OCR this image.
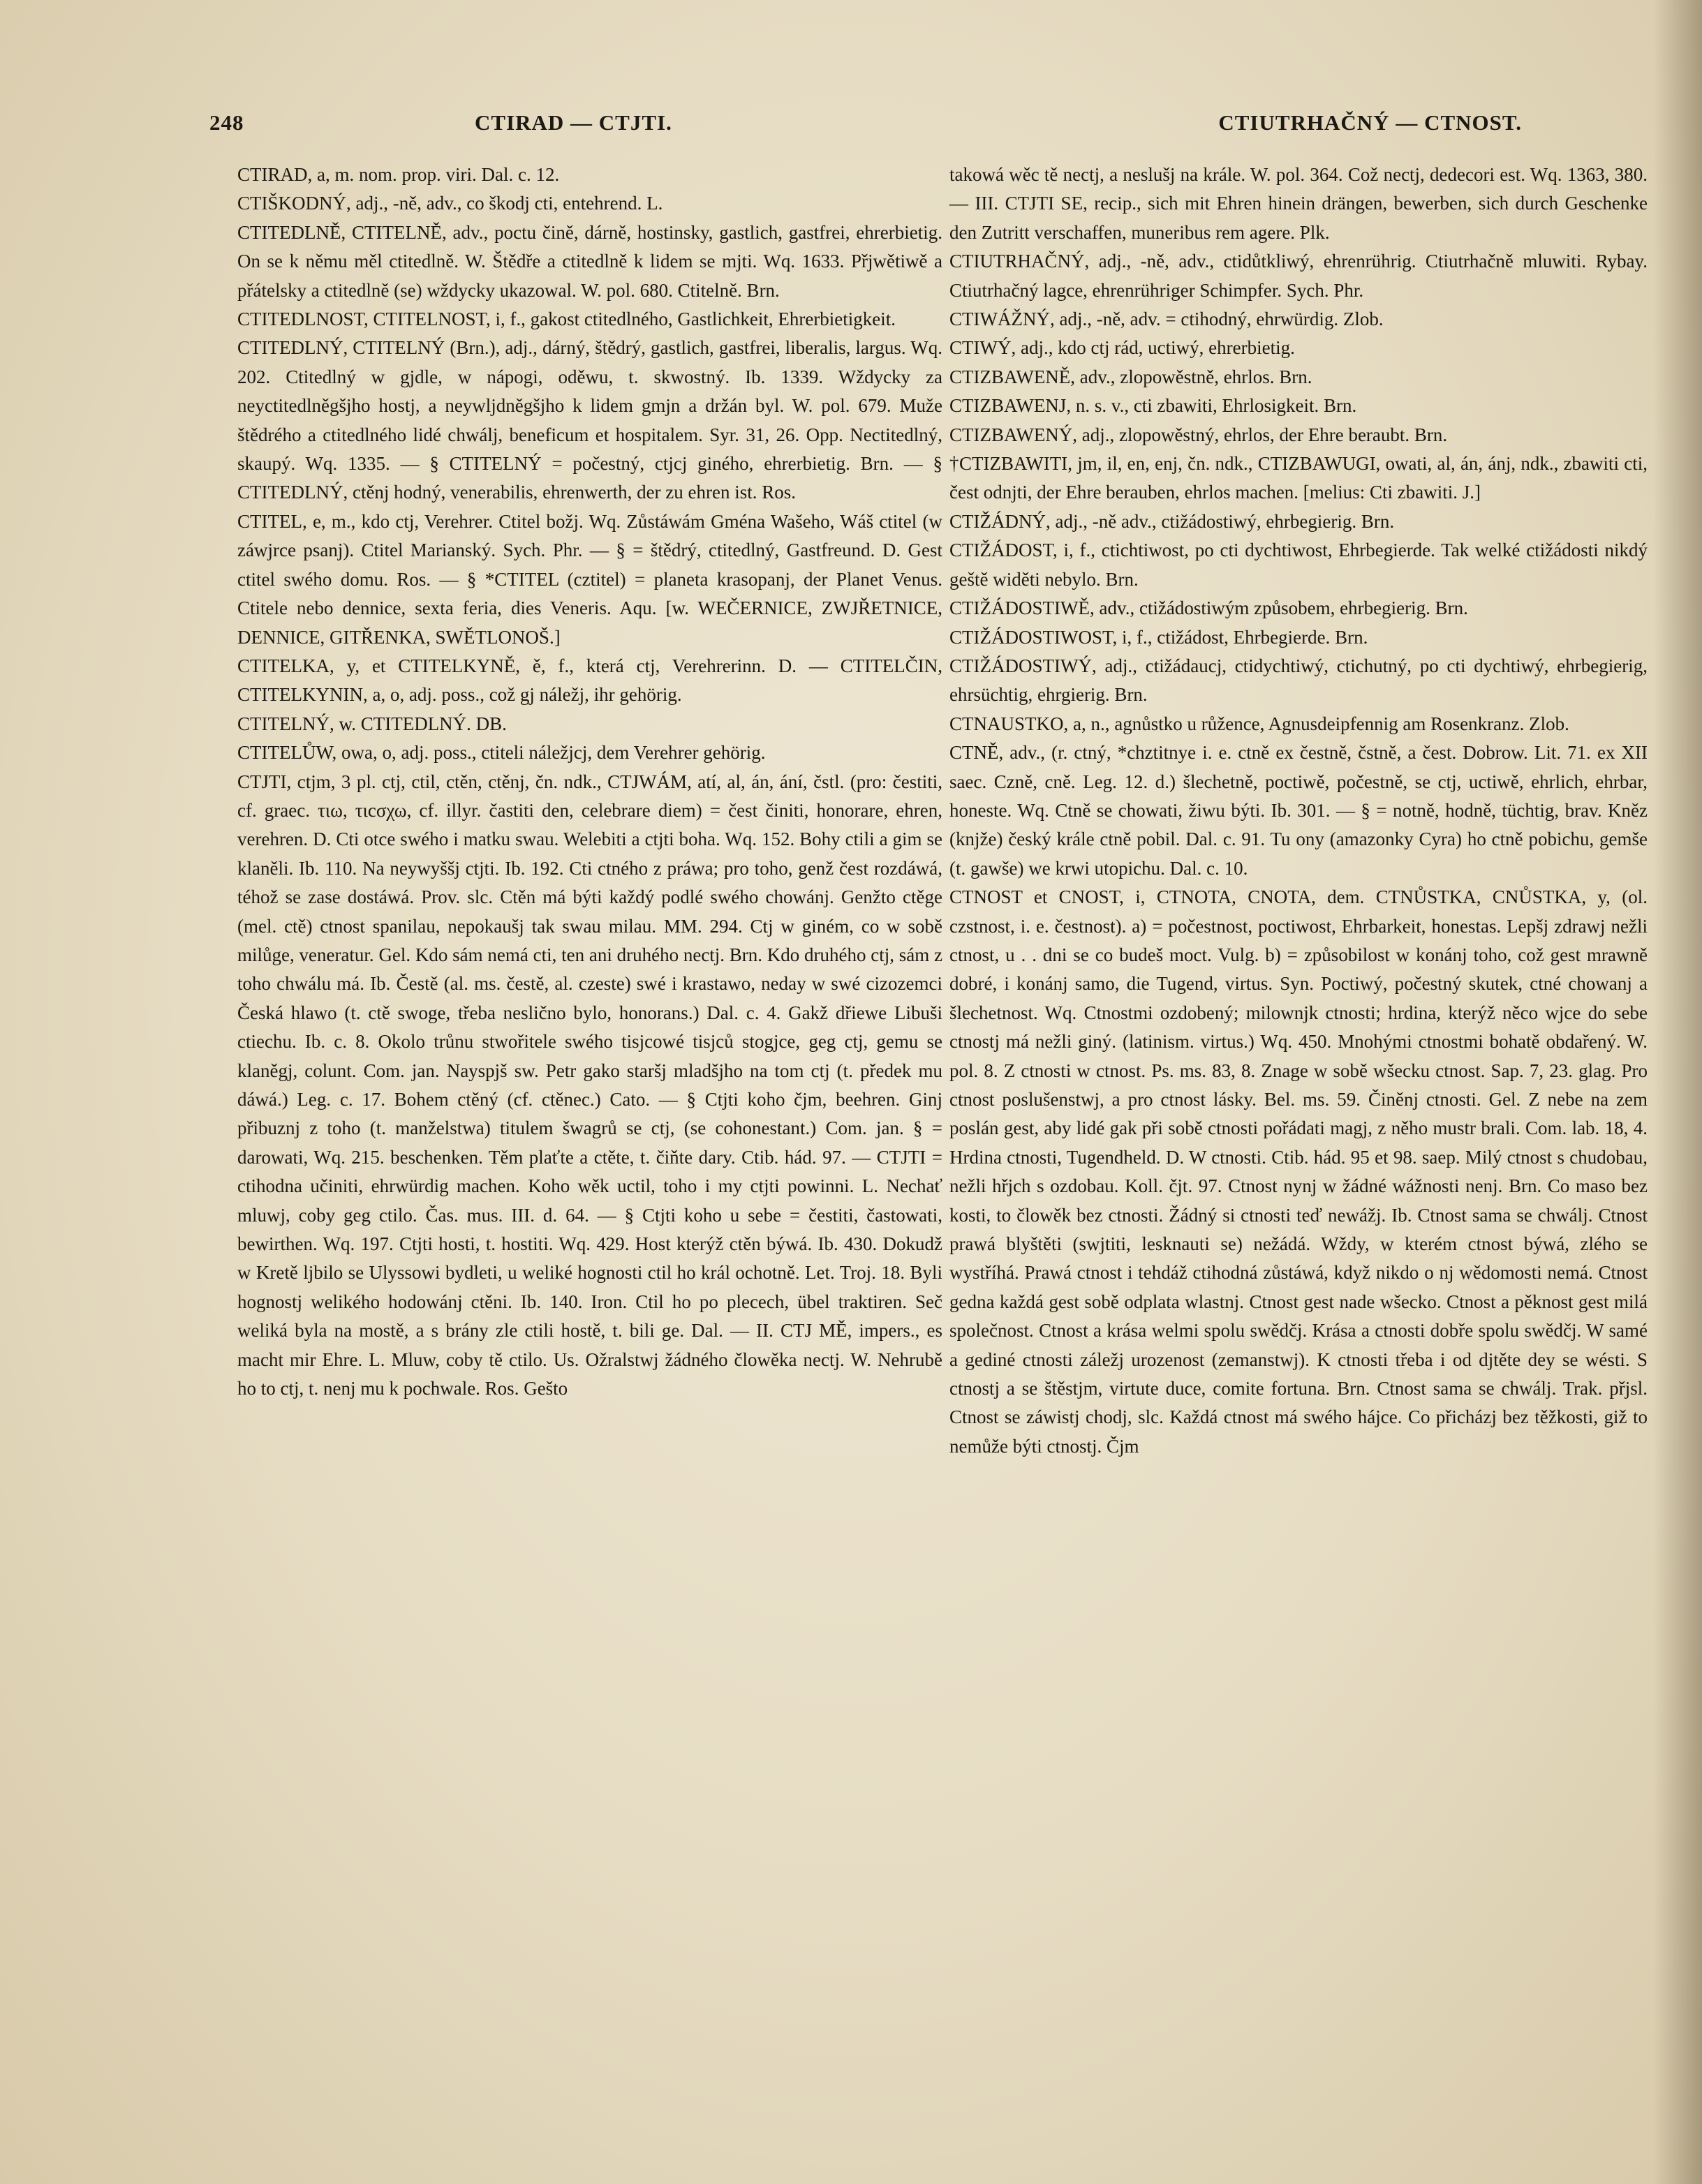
248	CTIRAD — CTJTI.	CTIUTRHAČNÝ — CTNOST.

CTIRAD, a, m. nom. prop. viri. Dal. c. 12.

CTIŠKODNÝ, adj., -ně, adv., co škodj cti, entehrend. L.

CTITEDLNĚ, CTITELNĚ, adv., poctu čině, dárně, hostinsky, gastlich, gastfrei, ehrerbietig. On se k němu měl ctitedlně. W. Štědře a ctitedlně k lidem se mjti. Wq. 1633. Přjwětiwě a přátelsky a ctitedlně (se) wždycky ukazowal. W. pol. 680. Ctitelně. Brn.

CTITEDLNOST, CTITELNOST, i, f., gakost ctitedlného, Gastlichkeit, Ehrerbietigkeit.

CTITEDLNÝ, CTITELNÝ (Brn.), adj., dárný, štědrý, gastlich, gastfrei, liberalis, largus. Wq. 202. Ctitedlný w gjdle, w nápogi, oděwu, t. skwostný. Ib. 1339. Wždycky za neyctitedlněgšjho hostj, a neywljdněgšjho k lidem gmjn a držán byl. W. pol. 679. Muže štědrého a ctitedlného lidé chwálj, beneficum et hospitalem. Syr. 31, 26. Opp. Nectitedlný, skaupý. Wq. 1335. — § CTITELNÝ = počestný, ctjcj giného, ehrerbietig. Brn. — § CTITEDLNÝ, ctěnj hodný, venerabilis, ehrenwerth, der zu ehren ist. Ros.

CTITEL, e, m., kdo ctj, Verehrer. Ctitel božj. Wq. Zůstáwám Gména Wašeho, Wáš ctitel (w záwjrce psanj). Ctitel Marianský. Sych. Phr. — § = štědrý, ctitedlný, Gastfreund. D. Gest ctitel swého domu. Ros. — § *CTITEL (cztitel) = planeta krasopanj, der Planet Venus. Ctitele nebo dennice, sexta feria, dies Veneris. Aqu. [w. WEČERNICE, ZWJŘETNICE, DENNICE, GITŘENKA, SWĚTLONOŠ.]

CTITELKA, y, et CTITELKYNĚ, ě, f., která ctj, Verehrerinn. D. — CTITELČIN, CTITELKYNIN, a, o, adj. poss., což gj náležj, ihr gehörig.

CTITELNÝ, w. CTITEDLNÝ. DB.

CTITELŮW, owa, o, adj. poss., ctiteli náležjcj, dem Verehrer gehörig.

CTJTI, ctjm, 3 pl. ctj, ctil, ctěn, ctěnj, čn. ndk., CTJWÁM, atí, al, án, ání, čstl. (pro: čestiti, cf. graec. τιω, τιcσχω, cf. illyr. častiti den, celebrare diem) = čest činiti, honorare, ehren, verehren. D. Cti otce swého i matku swau. Welebiti a ctjti boha. Wq. 152. Bohy ctili a gim se klaněli. Ib. 110. Na neywyššj ctjti. Ib. 192. Cti ctného z práwa; pro toho, genž čest rozdáwá, téhož se zase dostáwá. Prov. slc. Ctěn má býti každý podlé swého chowánj. Genžto ctěge (mel. ctě) ctnost spanilau, nepokaušj tak swau milau. MM. 294. Ctj w giném, co w sobě milůge, veneratur. Gel. Kdo sám nemá cti, ten ani druhého nectj. Brn. Kdo druhého ctj, sám z toho chwálu má. Ib. Čestě (al. ms. čestě, al. czeste) swé i krastawo, neday w swé cizozemci Česká hlawo (t. ctě swoge, třeba nesličnо bylo, honorans.) Dal. c. 4. Gakž dřiewe Libuši ctiechu. Ib. c. 8. Okolo trůnu stwořitele swého tisjcowé tisjců stogjce, geg ctj, gemu se klaněgj, colunt. Com. jan. Nayspjš sw. Petr gako staršj mladšjho na tom ctj (t. předek mu dáwá.) Leg. c. 17. Bohem ctěný (cf. ctěnec.) Cato. — § Ctjti koho čjm, beehren. Ginj přibuznj z toho (t. manželstwa) titulem šwagrů se ctj, (se cohonestant.) Com. jan. § = darowati, Wq. 215. beschenken. Těm plaťte a ctěte, t. čiňte dary. Ctib. hád. 97. — CTJTI = ctihodna učiniti, ehrwürdig machen. Koho wěk uctil, toho i my ctjti powinni. L. Nechať mluwj, coby geg ctilo. Čas. mus. III. d. 64. — § Ctjti koho u sebe = čestiti, častowati, bewirthen. Wq. 197. Ctjti hosti, t. hostiti. Wq. 429. Host kterýž ctěn býwá. Ib. 430. Dokudž w Kretě ljbilo se Ulyssowi bydleti, u weliké hognosti ctil ho král ochotně. Let. Troj. 18. Byli hognostj welikého hodowánj ctěni. Ib. 140. Iron. Ctil ho po plecech, übel traktiren. Seč weliká byla na mostě, a s brány zle ctili hostě, t. bili ge. Dal. — II. CTJ MĚ, impers., es macht mir Ehre. L. Mluw, coby tě ctilo. Us. Ožralstwj žádného člowěka nectj. W. Nehrubě ho to ctj, t. nenj mu k pochwale. Ros. Gešto

takowá wěc tě nectj, a neslušj na krále. W. pol. 364. Což nectj, dedecori est. Wq. 1363, 380. — III. CTJTI SE, recip., sich mit Ehren hinein drängen, bewerben, sich durch Geschenke den Zutritt verschaffen, muneribus rem agere. Plk.

CTIUTRHAČNÝ, adj., -ně, adv., ctidůtkliwý, ehrenrührig. Ctiutrhačně mluwiti. Rybay. Ctiutrhačný lagce, ehrenrühriger Schimpfer. Sych. Phr.

CTIWÁŽNÝ, adj., -ně, adv. = ctihodný, ehrwürdig. Zlob.

CTIWÝ, adj., kdo ctj rád, uctiwý, ehrerbietig.

CTIZBAWENĚ, adv., zlopowěstně, ehrlos. Brn.

CTIZBAWENJ, n. s. v., cti zbawiti, Ehrlosigkeit. Brn.

CTIZBAWENÝ, adj., zlopowěstný, ehrlos, der Ehre beraubt. Brn.

†CTIZBAWITI, jm, il, en, enj, čn. ndk., CTIZBAWUGI, owati, al, án, ánj, ndk., zbawiti cti, čest odnjti, der Ehre berauben, ehrlos machen. [melius: Cti zbawiti. J.]

CTIŽÁDNÝ, adj., -ně adv., ctižádostiwý, ehrbegierig. Brn.

CTIŽÁDOST, i, f., ctichtiwost, po cti dychtiwost, Ehrbegierde. Tak welké ctižádosti nikdý geště widěti nebylo. Brn.

CTIŽÁDOSTIWĚ, adv., ctižádostiwým způsobem, ehrbegierig. Brn.

CTIŽÁDOSTIWOST, i, f., ctižádost, Ehrbegierde. Brn.

CTIŽÁDOSTIWÝ, adj., ctižádaucj, ctidychtiwý, ctichutný, po cti dychtiwý, ehrbegierig, ehrsüchtig, ehrgierig. Brn.

CTNAUSTKO, a, n., agnůstko u růžence, Agnusdeipfennig am Rosenkranz. Zlob.

CTNĚ, adv., (r. ctný, *chztitnye i. e. ctně ex čestně, čstně, a čest. Dobrow. Lit. 71. ex XII saec. Czně, cně. Leg. 12. d.) šlechetně, poctiwě, počestně, se ctj, uctiwě, ehrlich, ehrbar, honeste. Wq. Ctně se chowati, žiwu býti. Ib. 301. — § = notně, hodně, tüchtig, brav. Kněz (knjže) český krále ctně pobil. Dal. c. 91. Tu ony (amazonky Cyra) ho ctně pobichu, gemše (t. gawše) we krwi utopichu. Dal. c. 10.

CTNOST et CNOST, i, CTNOTA, CNOTA, dem. CTNŮSTKA, CNŮSTKA, y, (ol. czstnost, i. e. čestnost). a) = počestnost, poctiwost, Ehrbarkeit, honestas. Lepšj zdrawj nežli ctnost, u . . dni se co budeš moct. Vulg. b) = způsobilost w konánj toho, což gest mrawně dobré, i konánj samo, die Tugend, virtus. Syn. Poctiwý, počestný skutek, ctné chowanj a šlechetnost. Wq. Ctnostmi ozdobený; milownjk ctnosti; hrdina, kterýž něco wjce do sebe ctnostj má nežli giný. (latinism. virtus.) Wq. 450. Mnohými ctnostmi bohatě obdařený. W. pol. 8. Z ctnosti w ctnost. Ps. ms. 83, 8. Znage w sobě wšecku ctnost. Sap. 7, 23. glag. Pro ctnost poslušenstwj, a pro ctnost lásky. Bel. ms. 59. Činěnj ctnosti. Gel. Z nebe na zem poslán gest, aby lidé gak při sobě ctnosti pořádati magj, z něho mustr brali. Com. lab. 18, 4. Hrdina ctnosti, Tugendheld. D. W ctnosti. Ctib. hád. 95 et 98. saep. Milý ctnost s chudobau, nežli hřjch s ozdobau. Koll. čjt. 97. Ctnost nynj w žádné wážnosti nenj. Brn. Co maso bez kosti, to člowěk bez ctnosti. Žádný si ctnosti teď newážj. Ib. Ctnost sama se chwálj. Ctnost prawá blyštěti (swjtiti, lesknauti se) nežádá. Wždy, w kterém ctnost býwá, zlého se wystříhá. Prawá ctnost i tehdáž ctihodná zůstáwá, když nikdo o nj wědomosti nemá. Ctnost gedna každá gest sobě odplata wlastnj. Ctnost gest nade wšecko. Ctnost a pěknost gest milá společnost. Ctnost a krása welmi spolu swědčj. Krása a ctnosti dobře spolu swědčj. W samé a gediné ctnosti záležj urozenost (zemanstwj). K ctnosti třeba i od djtěte dey se wésti. S ctnostj a se štěstjm, virtute duce, comite fortuna. Brn. Ctnost sama se chwálj. Trak. přjsl. Ctnost se záwistj chodj, slc. Každá ctnost má swého hájce. Co přicházj bez těžkosti, giž to nemůže býti ctnostj. Čjm
